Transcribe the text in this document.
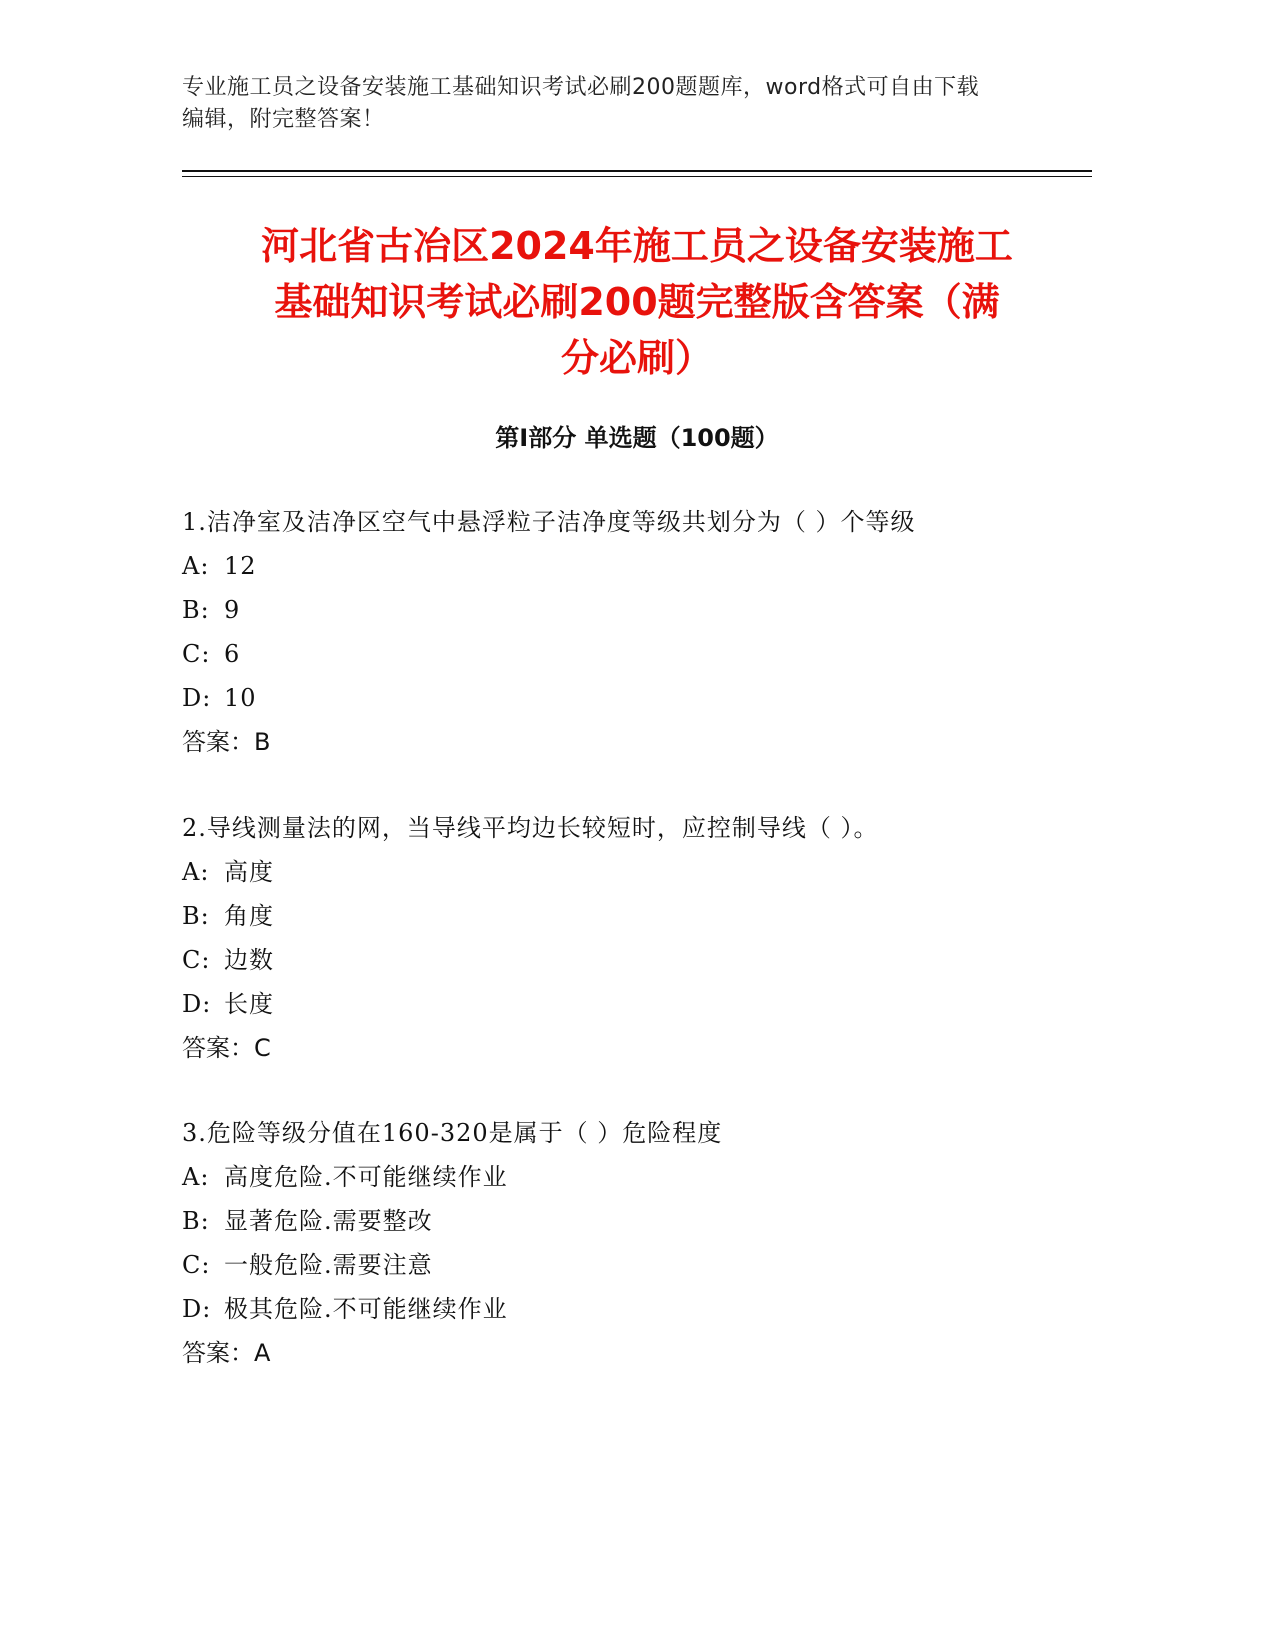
专业施工员之设备安装施工基础知识考试必刷200题题库，word格式可自由下载
编辑，附完整答案！
河北省古冶区2024年施工员之设备安装施工
基础知识考试必刷200题完整版含答案（满
分必刷）
第Ⅰ部分 单选题（100题）
1.洁净室及洁净区空气中悬浮粒子洁净度等级共划分为（ ）个等级
A: 12
B: 9
C: 6
D: 10
答案：B
2.导线测量法的网，当导线平均边长较短时，应控制导线（ ）。
A: 高度
B: 角度
C: 边数
D: 长度
答案：C
3.危险等级分值在160-320是属于（ ）危险程度
A: 高度危险.不可能继续作业
B: 显著危险.需要整改
C: 一般危险.需要注意
D: 极其危险.不可能继续作业
答案：A
